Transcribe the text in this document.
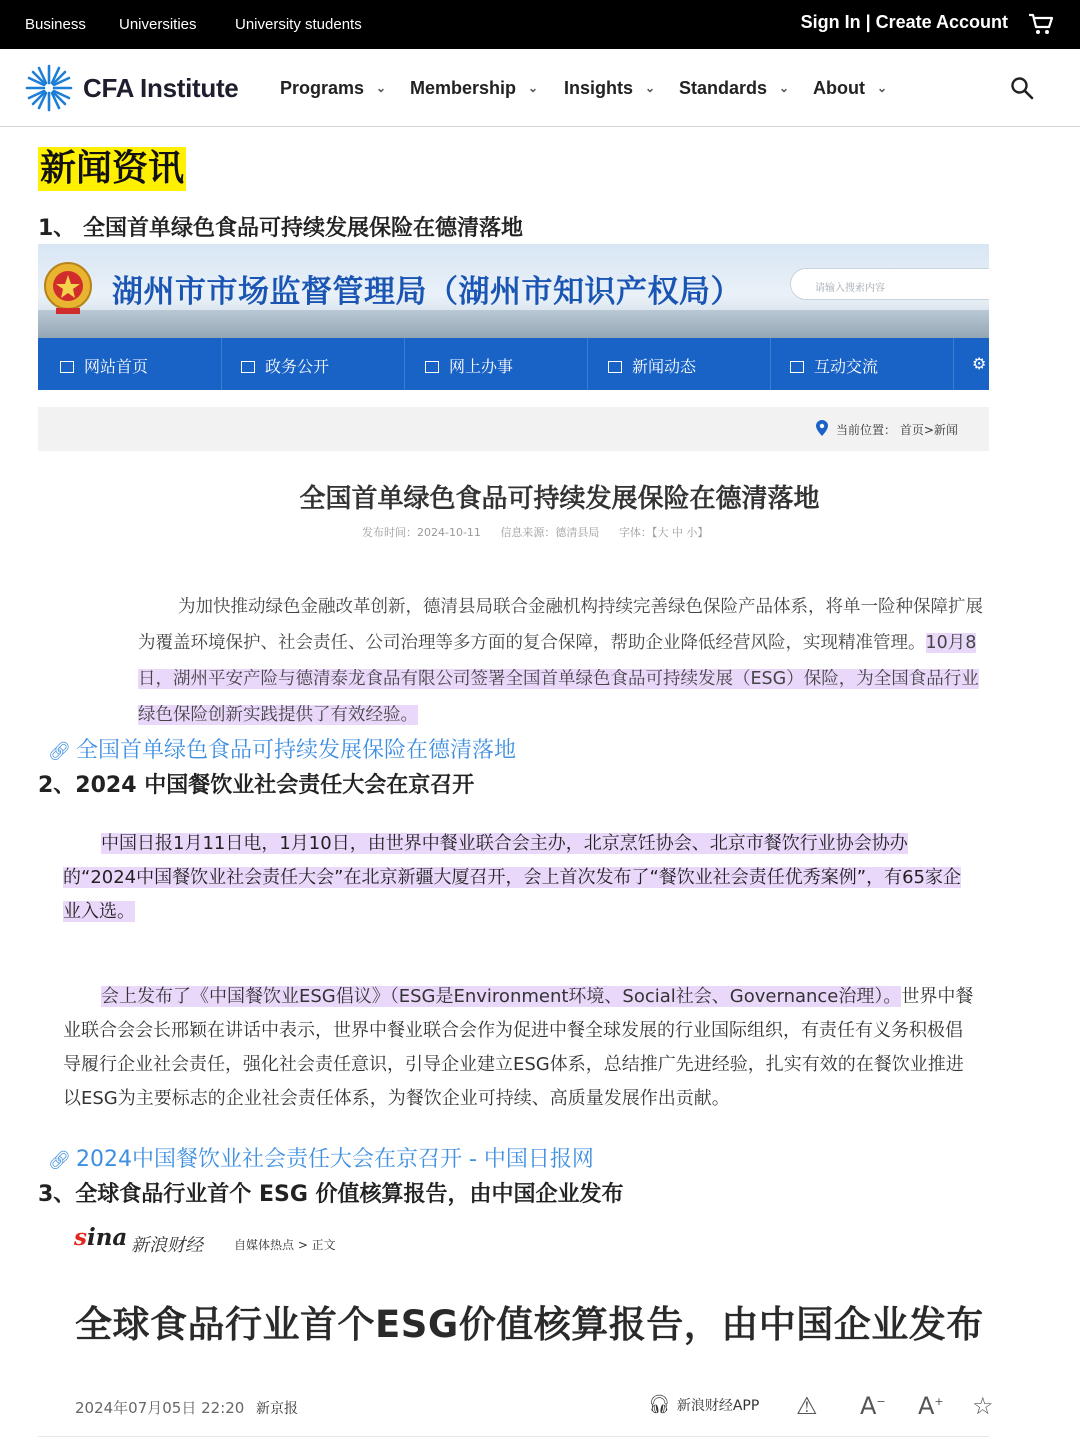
Business Universities	University students	Sign In | Create Account
CFA Institute Programs ⌄ Membership ⌄ Insights ⌄ Standards ⌄ About ⌄
新闻资讯
1、 全国首单绿色食品可持续发展保险在德清落地
湖州市市场监督管理局（湖州市知识产权局）	请输入搜索内容
网站首页	政务公开	网上办事	新闻动态	互动交流	⚙
当前位置： 首页>新闻
全国首单绿色食品可持续发展保险在德清落地
发布时间：2024-10-11 信息来源：德清县局 字体：【大 中 小】
为加快推动绿色金融改革创新，德清县局联合金融机构持续完善绿色保险产品体系，将单一险种保障扩展为覆盖环境保护、社会责任、公司治理等多方面的复合保障，帮助企业降低经营风险，实现精准管理。10月8日，湖州平安产险与德清泰龙食品有限公司签署全国首单绿色食品可持续发展（ESG）保险，为全国食品行业绿色保险创新实践提供了有效经验。
🔗︎ 全国首单绿色食品可持续发展保险在德清落地
2、2024 中国餐饮业社会责任大会在京召开
中国日报1月11日电，1月10日，由世界中餐业联合会主办，北京烹饪协会、北京市餐饮行业协会协办的“2024中国餐饮业社会责任大会”在北京新疆大厦召开，会上首次发布了“餐饮业社会责任优秀案例”，有65家企业入选。
会上发布了《中国餐饮业ESG倡议》（ESG是Environment环境、Social社会、Governance治理）。世界中餐业联合会会长邢颖在讲话中表示，世界中餐业联合会作为促进中餐全球发展的行业国际组织，有责任有义务积极倡导履行企业社会责任，强化社会责任意识，引导企业建立ESG体系，总结推广先进经验，扎实有效的在餐饮业推进以ESG为主要标志的企业社会责任体系，为餐饮企业可持续、高质量发展作出贡献。
🔗︎ 2024中国餐饮业社会责任大会在京召开 - 中国日报网
3、全球食品行业首个 ESG 价值核算报告，由中国企业发布
sina 新浪财经	自媒体热点 > 正文
全球食品行业首个ESG价值核算报告，由中国企业发布
2024年07月05日 22:20 新京报	🎧︎ 新浪财经APP ⚠ A− A+ ☆
